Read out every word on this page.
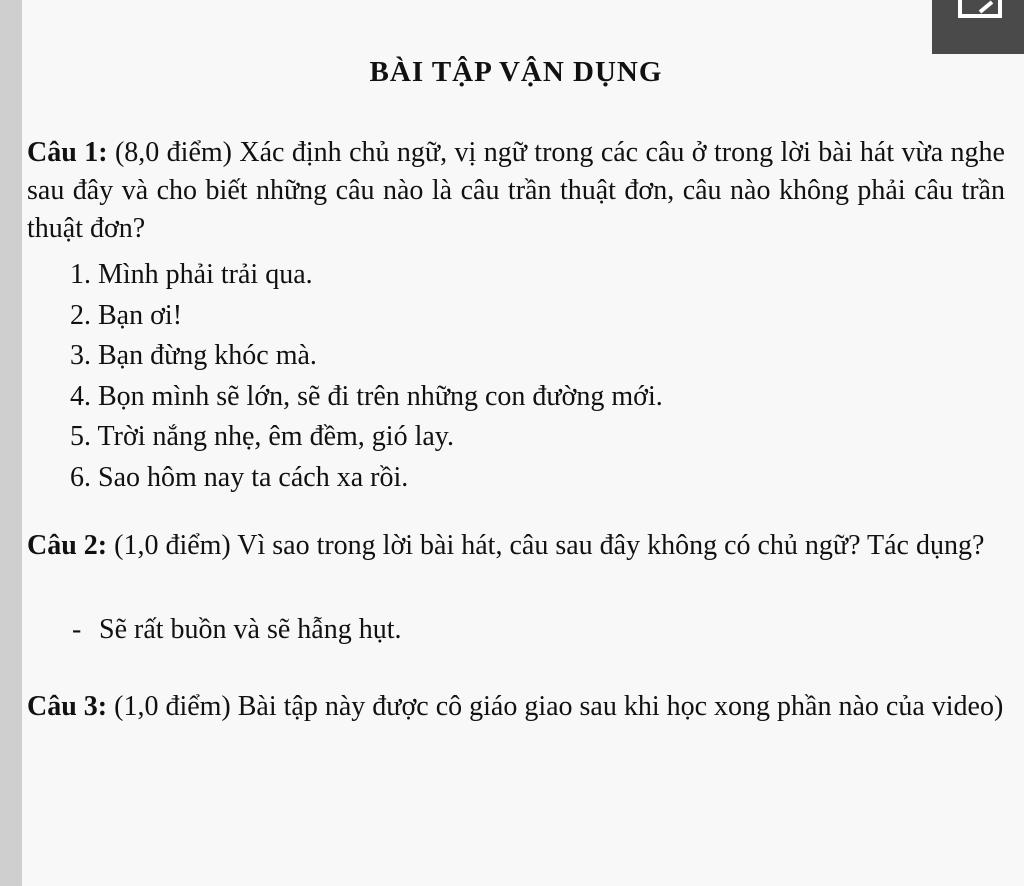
BÀI TẬP VẬN DỤNG
Câu 1: (8,0 điểm) Xác định chủ ngữ, vị ngữ trong các câu ở trong lời bài hát vừa nghe sau đây và cho biết những câu nào là câu trần thuật đơn, câu nào không phải câu trần thuật đơn?
1. Mình phải trải qua.
2. Bạn ơi!
3. Bạn đừng khóc mà.
4. Bọn mình sẽ lớn, sẽ đi trên những con đường mới.
5. Trời nắng nhẹ, êm đềm, gió lay.
6. Sao hôm nay ta cách xa rồi.
Câu 2: (1,0 điểm) Vì sao trong lời bài hát, câu sau đây không có chủ ngữ? Tác dụng?
- Sẽ rất buồn và sẽ hẫng hụt.
Câu 3: (1,0 điểm) Bài tập này được cô giáo giao sau khi học xong phần nào của video)
